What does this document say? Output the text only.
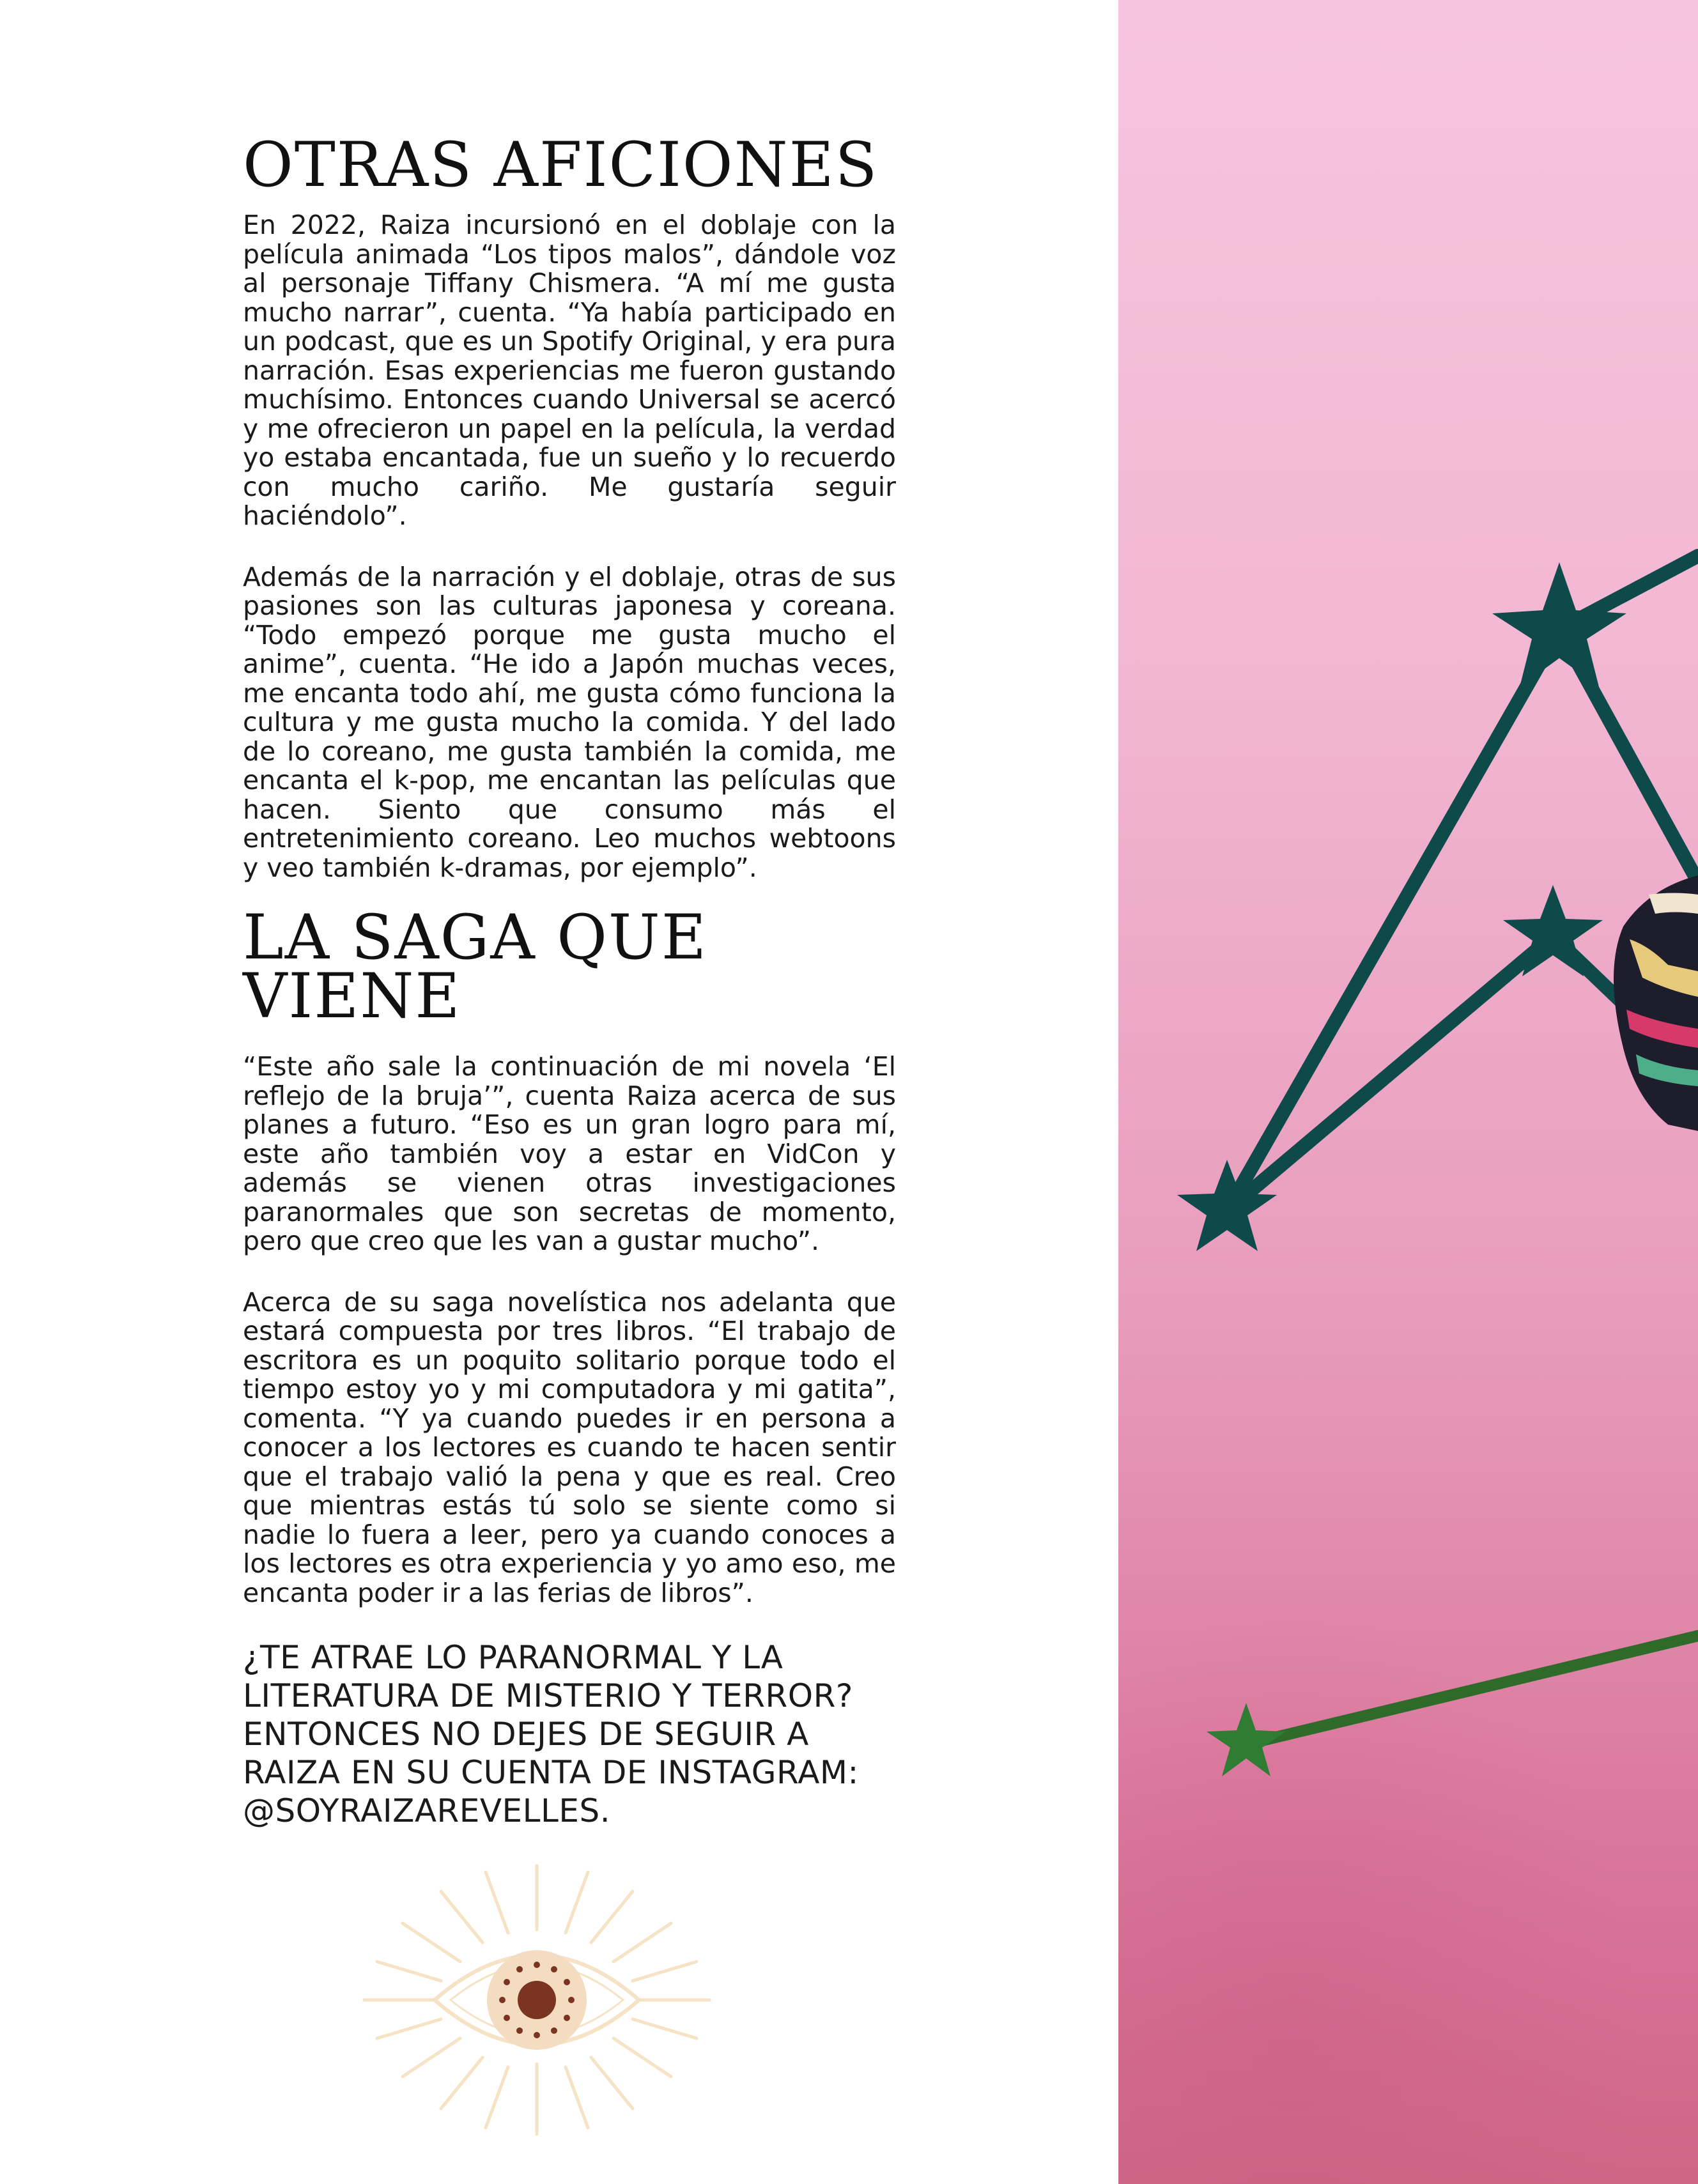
OTRAS AFICIONES

En 2022, Raiza incursionó en el doblaje con la película animada “Los tipos malos”, dándole voz al personaje Tiffany Chismera. “A mí me gusta mucho narrar”, cuenta. “Ya había participado en un podcast, que es un Spotify Original, y era pura narración. Esas experiencias me fueron gustando muchísimo. Entonces cuando Universal se acercó y me ofrecieron un papel en la película, la verdad yo estaba encantada, fue un sueño y lo recuerdo con mucho cariño. Me gustaría seguir haciéndolo”.

Además de la narración y el doblaje, otras de sus pasiones son las culturas japonesa y coreana. “Todo empezó porque me gusta mucho el anime”, cuenta. “He ido a Japón muchas veces, me encanta todo ahí, me gusta cómo funciona la cultura y me gusta mucho la comida. Y del lado de lo coreano, me gusta también la comida, me encanta el k-pop, me encantan las películas que hacen. Siento que consumo más el entretenimiento coreano. Leo muchos webtoons y veo también k-dramas, por ejemplo”.

LA SAGA QUE VIENE

“Este año sale la continuación de mi novela ‘El reflejo de la bruja’”, cuenta Raiza acerca de sus planes a futuro. “Eso es un gran logro para mí, este año también voy a estar en VidCon y además se vienen otras investigaciones paranormales que son secretas de momento, pero que creo que les van a gustar mucho”.

Acerca de su saga novelística nos adelanta que estará compuesta por tres libros. “El trabajo de escritora es un poquito solitario porque todo el tiempo estoy yo y mi computadora y mi gatita”, comenta. “Y ya cuando puedes ir en persona a conocer a los lectores es cuando te hacen sentir que el trabajo valió la pena y que es real. Creo que mientras estás tú solo se siente como si nadie lo fuera a leer, pero ya cuando conoces a los lectores es otra experiencia y yo amo eso, me encanta poder ir a las ferias de libros”.

¿TE ATRAE LO PARANORMAL Y LA LITERATURA DE MISTERIO Y TERROR? ENTONCES NO DEJES DE SEGUIR A RAIZA EN SU CUENTA DE INSTAGRAM: @SOYRAIZAREVELLES.
